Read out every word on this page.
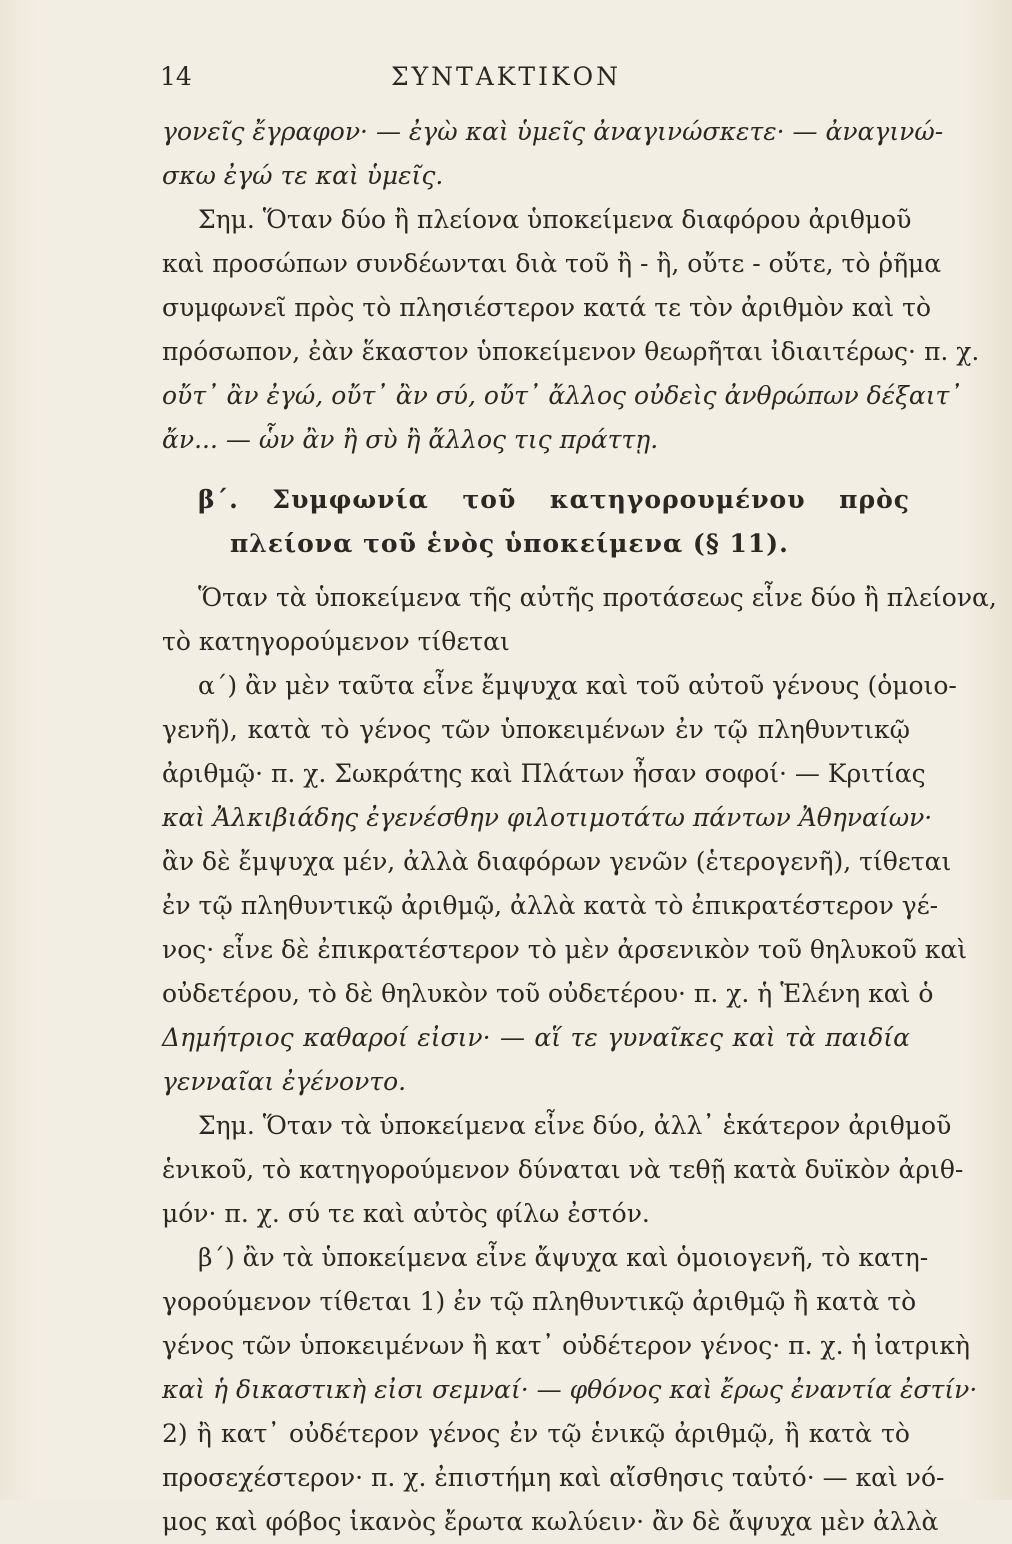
14	ΣΥΝΤΑΚΤΙΚΟΝ
γονεῖς ἔγραφον· — ἐγὼ καὶ ὑμεῖς ἀναγινώσκετε· — ἀναγινώ-
σκω ἐγώ τε καὶ ὑμεῖς.
Σημ. Ὅταν δύο ἢ πλείονα ὑποκείμενα διαφόρου ἀριθμοῦ
καὶ προσώπων συνδέωνται διὰ τοῦ ἢ - ἢ, οὔτε - οὔτε, τὸ ῥῆμα
συμφωνεῖ πρὸς τὸ πλησιέστερον κατά τε τὸν ἀριθμὸν καὶ τὸ
πρόσωπον, ἐὰν ἕκαστον ὑποκείμενον θεωρῆται ἰδιαιτέρως· π. χ.
οὔτ᾽ ἂν ἐγώ, οὔτ᾽ ἂν σύ, οὔτ᾽ ἄλλος οὐδεὶς ἀνθρώπων δέξαιτ᾽
ἄν... — ὧν ἂν ἢ σὺ ἢ ἄλλος τις πράττῃ.
β΄. Συμφωνία τοῦ κατηγορουμένου πρὸς
πλείονα τοῦ ἑνὸς ὑποκείμενα (§ 11).
Ὅταν τὰ ὑποκείμενα τῆς αὐτῆς προτάσεως εἶνε δύο ἢ πλείονα,
τὸ κατηγορούμενον τίθεται
α΄) ἂν μὲν ταῦτα εἶνε ἔμψυχα καὶ τοῦ αὐτοῦ γένους (ὁμοιο-
γενῆ), κατὰ τὸ γένος τῶν ὑποκειμένων ἐν τῷ πληθυντικῷ
ἀριθμῷ· π. χ. Σωκράτης καὶ Πλάτων ἦσαν σοφοί· — Κριτίας
καὶ Ἀλκιβιάδης ἐγενέσθην φιλοτιμοτάτω πάντων Ἀθηναίων·
ἂν δὲ ἔμψυχα μέν, ἀλλὰ διαφόρων γενῶν (ἑτερογενῆ), τίθεται
ἐν τῷ πληθυντικῷ ἀριθμῷ, ἀλλὰ κατὰ τὸ ἐπικρατέστερον γέ-
νος· εἶνε δὲ ἐπικρατέστερον τὸ μὲν ἀρσενικὸν τοῦ θηλυκοῦ καὶ
οὐδετέρου, τὸ δὲ θηλυκὸν τοῦ οὐδετέρου· π. χ. ἡ Ἑλένη καὶ ὁ
Δημήτριος καθαροί εἰσιν· — αἵ τε γυναῖκες καὶ τὰ παιδία
γενναῖαι ἐγένοντο.
Σημ. Ὅταν τὰ ὑποκείμενα εἶνε δύο, ἀλλ᾽ ἑκάτερον ἀριθμοῦ
ἑνικοῦ, τὸ κατηγορούμενον δύναται νὰ τεθῇ κατὰ δυϊκὸν ἀριθ-
μόν· π. χ. σύ τε καὶ αὐτὸς φίλω ἐστόν.
β΄) ἂν τὰ ὑποκείμενα εἶνε ἄψυχα καὶ ὁμοιογενῆ, τὸ κατη-
γορούμενον τίθεται 1) ἐν τῷ πληθυντικῷ ἀριθμῷ ἢ κατὰ τὸ
γένος τῶν ὑποκειμένων ἢ κατ᾽ οὐδέτερον γένος· π. χ. ἡ ἰατρικὴ
καὶ ἡ δικαστικὴ εἰσι σεμναί· — φθόνος καὶ ἔρως ἐναντία ἐστίν·
2) ἢ κατ᾽ οὐδέτερον γένος ἐν τῷ ἑνικῷ ἀριθμῷ, ἢ κατὰ τὸ
προσεχέστερον· π. χ. ἐπιστήμη καὶ αἴσθησις ταὐτό· — καὶ νό-
μος καὶ φόβος ἱκανὸς ἔρωτα κωλύειν· ἂν δὲ ἄψυχα μὲν ἀλλὰ
